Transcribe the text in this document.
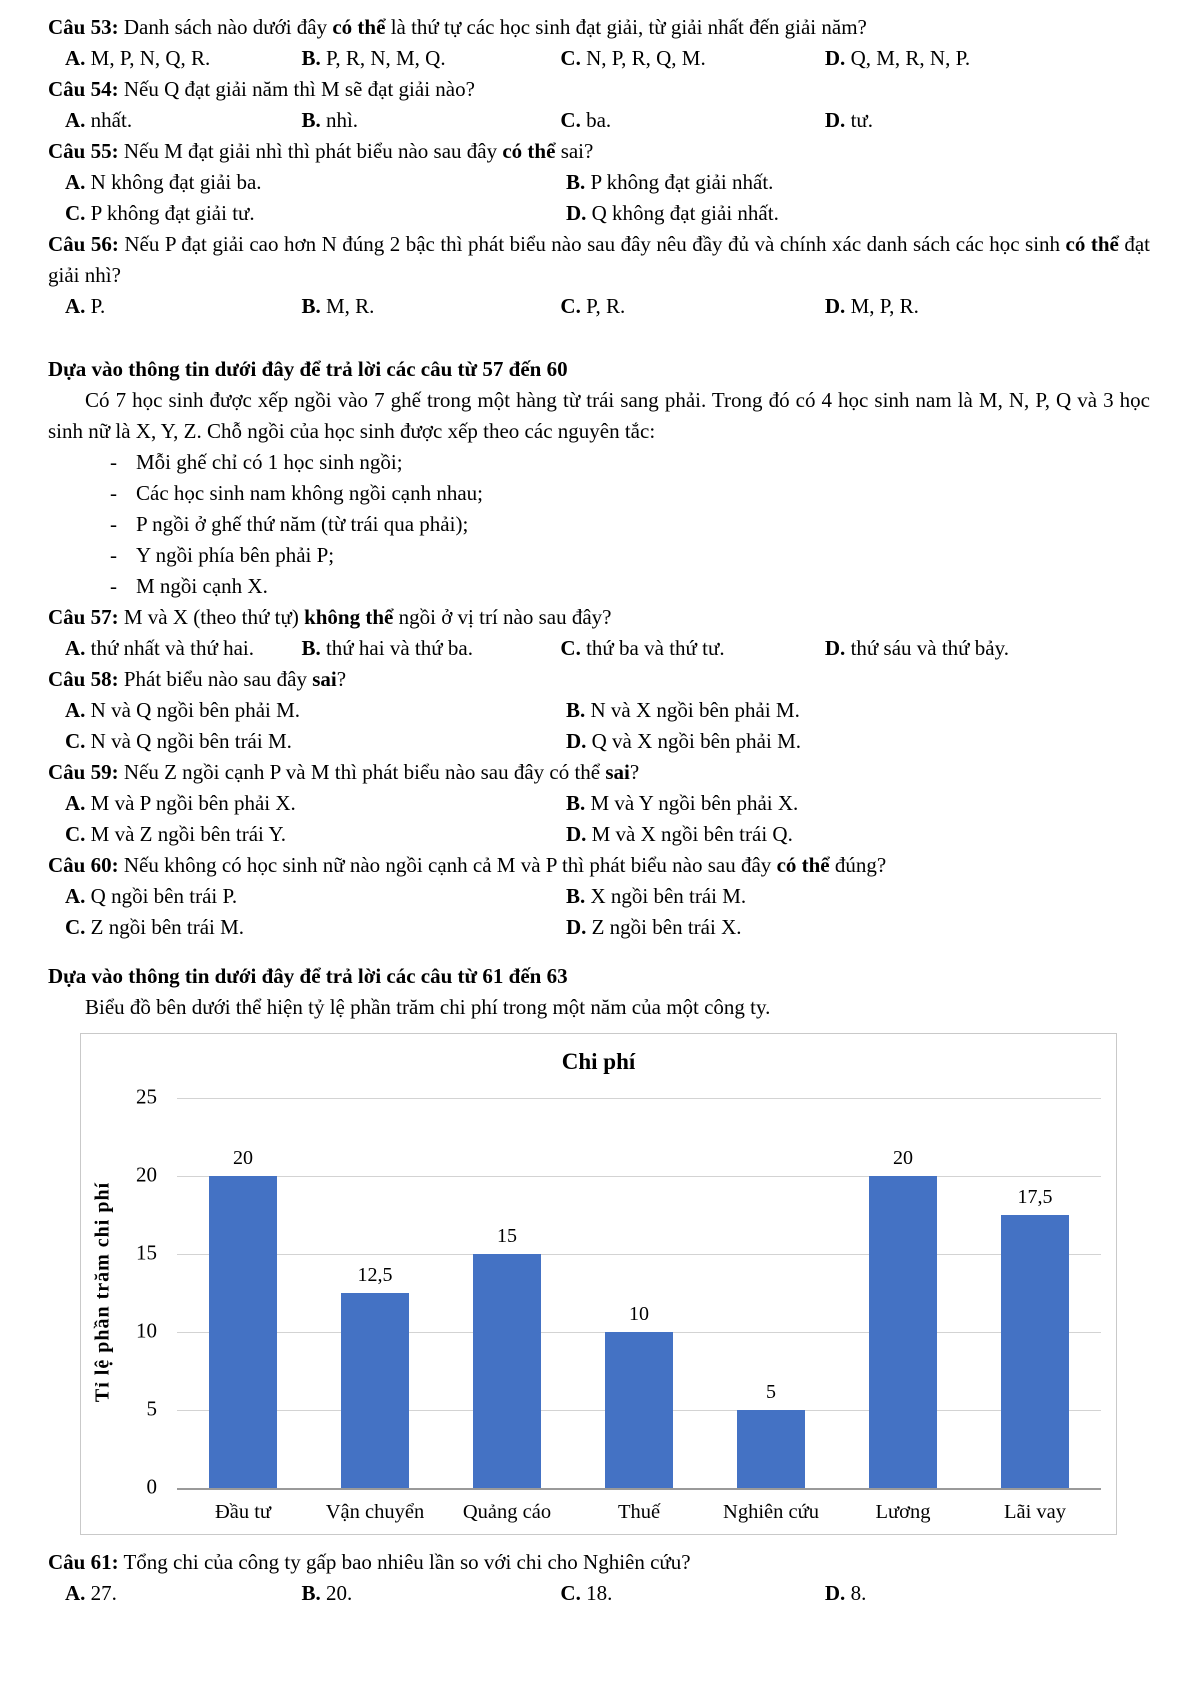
Câu 53: Danh sách nào dưới đây có thể là thứ tự các học sinh đạt giải, từ giải nhất đến giải năm?

A. M, P, N, Q, R.	B. P, R, N, M, Q.	C. N, P, R, Q, M.	D. Q, M, R, N, P.

Câu 54: Nếu Q đạt giải năm thì M sẽ đạt giải nào?

A. nhất.	B. nhì.	C. ba.	D. tư.

Câu 55: Nếu M đạt giải nhì thì phát biểu nào sau đây có thể sai?

A. N không đạt giải ba.	B. P không đạt giải nhất.
C. P không đạt giải tư.	D. Q không đạt giải nhất.

Câu 56: Nếu P đạt giải cao hơn N đúng 2 bậc thì phát biểu nào sau đây nêu đầy đủ và chính xác danh sách các học sinh có thể đạt giải nhì?

A. P.	B. M, R.	C. P, R.	D. M, P, R.

Dựa vào thông tin dưới đây để trả lời các câu từ 57 đến 60

Có 7 học sinh được xếp ngồi vào 7 ghế trong một hàng từ trái sang phải. Trong đó có 4 học sinh nam là M, N, P, Q và 3 học sinh nữ là X, Y, Z. Chỗ ngồi của học sinh được xếp theo các nguyên tắc:

- Mỗi ghế chỉ có 1 học sinh ngồi;
- Các học sinh nam không ngồi cạnh nhau;
- P ngồi ở ghế thứ năm (từ trái qua phải);
- Y ngồi phía bên phải P;
- M ngồi cạnh X.

Câu 57: M và X (theo thứ tự) không thể ngồi ở vị trí nào sau đây?

A. thứ nhất và thứ hai.	B. thứ hai và thứ ba.	C. thứ ba và thứ tư.	D. thứ sáu và thứ bảy.

Câu 58: Phát biểu nào sau đây sai?

A. N và Q ngồi bên phải M.	B. N và X ngồi bên phải M.
C. N và Q ngồi bên trái M.	D. Q và X ngồi bên phải M.

Câu 59: Nếu Z ngồi cạnh P và M thì phát biểu nào sau đây có thể sai?

A. M và P ngồi bên phải X.	B. M và Y ngồi bên phải X.
C. M và Z ngồi bên trái Y.	D. M và X ngồi bên trái Q.

Câu 60: Nếu không có học sinh nữ nào ngồi cạnh cả M và P thì phát biểu nào sau đây có thể đúng?

A. Q ngồi bên trái P.	B. X ngồi bên trái M.
C. Z ngồi bên trái M.	D. Z ngồi bên trái X.

Dựa vào thông tin dưới đây để trả lời các câu từ 61 đến 63

Biểu đồ bên dưới thể hiện tỷ lệ phần trăm chi phí trong một năm của một công ty.

Chi phí
Tỉ lệ phần trăm chi phí
0
5
10
15
20
25
20
12,5
15
10
5
20
17,5
Đầu tư	Vận chuyển	Quảng cáo	Thuế	Nghiên cứu	Lương	Lãi vay

Câu 61: Tổng chi của công ty gấp bao nhiêu lần so với chi cho Nghiên cứu?

A. 27.	B. 20.	C. 18.	D. 8.
